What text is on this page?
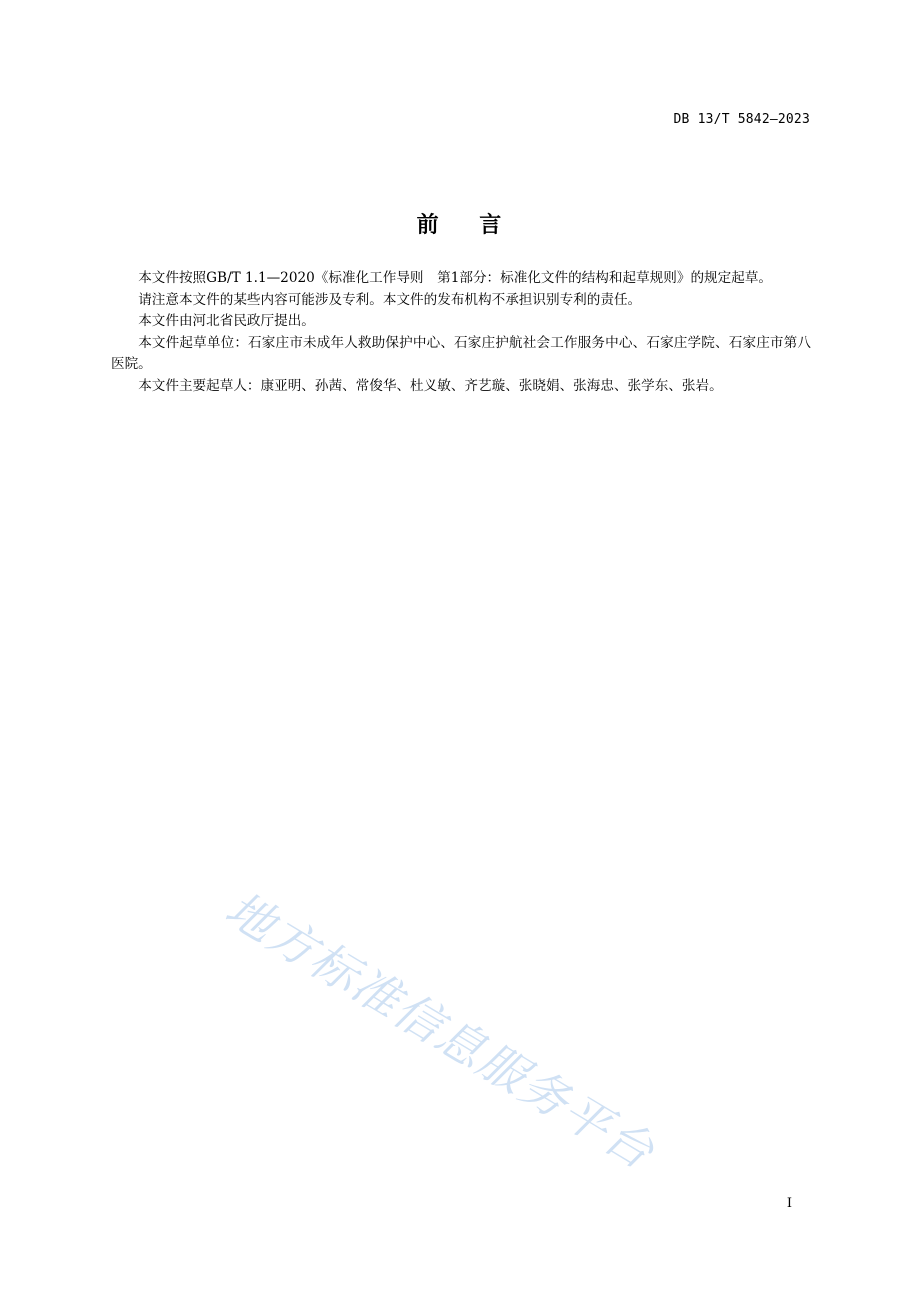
DB 13/T 5842—2023
前    言

本文件按照GB/T 1.1—2020《标准化工作导则　第1部分：标准化文件的结构和起草规则》的规定起草。

请注意本文件的某些内容可能涉及专利。本文件的发布机构不承担识别专利的责任。

本文件由河北省民政厅提出。

本文件起草单位：石家庄市未成年人救助保护中心、石家庄护航社会工作服务中心、石家庄学院、石家庄市第八医院。

本文件主要起草人：康亚明、孙茜、常俊华、杜义敏、齐艺璇、张晓娟、张海忠、张学东、张岩。

地方标准信息服务平台
I
